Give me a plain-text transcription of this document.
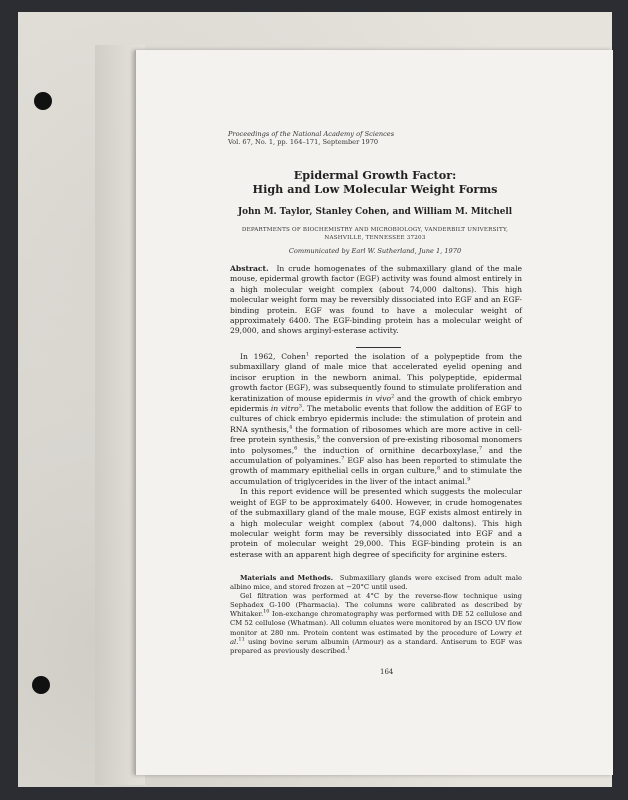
Proceedings of the National Academy of Sciences
Vol. 67, No. 1, pp. 164–171, September 1970
Epidermal Growth Factor:
High and Low Molecular Weight Forms
John M. Taylor, Stanley Cohen, and William M. Mitchell
DEPARTMENTS OF BIOCHEMISTRY AND MICROBIOLOGY, VANDERBILT UNIVERSITY,
NASHVILLE, TENNESSEE 37203
Communicated by Earl W. Sutherland, June 1, 1970
Abstract. In crude homogenates of the submaxillary gland of the male mouse, epidermal growth factor (EGF) activity was found almost entirely in a high molecular weight complex (about 74,000 daltons). This high molecular weight form may be reversibly dissociated into EGF and an EGF-binding protein. EGF was found to have a molecular weight of approximately 6400. The EGF-binding protein has a molecular weight of 29,000, and shows arginyl-esterase activity.

In 1962, Cohen$^1$ reported the isolation of a polypeptide from the submaxillary gland of male mice that accelerated eyelid opening and incisor eruption in the newborn animal. This polypeptide, epidermal growth factor (EGF), was subsequently found to stimulate proliferation and keratinization of mouse epidermis in vivo$^2$ and the growth of chick embryo epidermis in vitro$^3$. The metabolic events that follow the addition of EGF to cultures of chick embryo epidermis include: the stimulation of protein and RNA synthesis,$^4$ the formation of ribosomes which are more active in cell-free protein synthesis,$^5$ the conversion of pre-existing ribosomal monomers into polysomes,$^6$ the induction of ornithine decarboxylase,$^7$ and the accumulation of polyamines.$^7$ EGF also has been reported to stimulate the growth of mammary epithelial cells in organ culture,$^8$ and to stimulate the accumulation of triglycerides in the liver of the intact animal.$^9$

In this report evidence will be presented which suggests the molecular weight of EGF to be approximately 6400. However, in crude homogenates of the submaxillary gland of the male mouse, EGF exists almost entirely in a high molecular weight complex (about 74,000 daltons). This high molecular weight form may be reversibly dissociated into EGF and a protein of molecular weight 29,000. This EGF-binding protein is an esterase with an apparent high degree of specificity for arginine esters.

Materials and Methods. Submaxillary glands were excised from adult male albino mice, and stored frozen at −20°C until used.

Gel filtration was performed at 4°C by the reverse-flow technique using Sephadex G-100 (Pharmacia). The columns were calibrated as described by Whitaker.$^{10}$ Ion-exchange chromatography was performed with DE 52 cellulose and CM 52 cellulose (Whatman). All column eluates were monitored by an ISCO UV flow monitor at 280 nm. Protein content was estimated by the procedure of Lowry et al.$^{11}$ using bovine serum albumin (Armour) as a standard. Antiserum to EGF was prepared as previously described.$^1$

164
